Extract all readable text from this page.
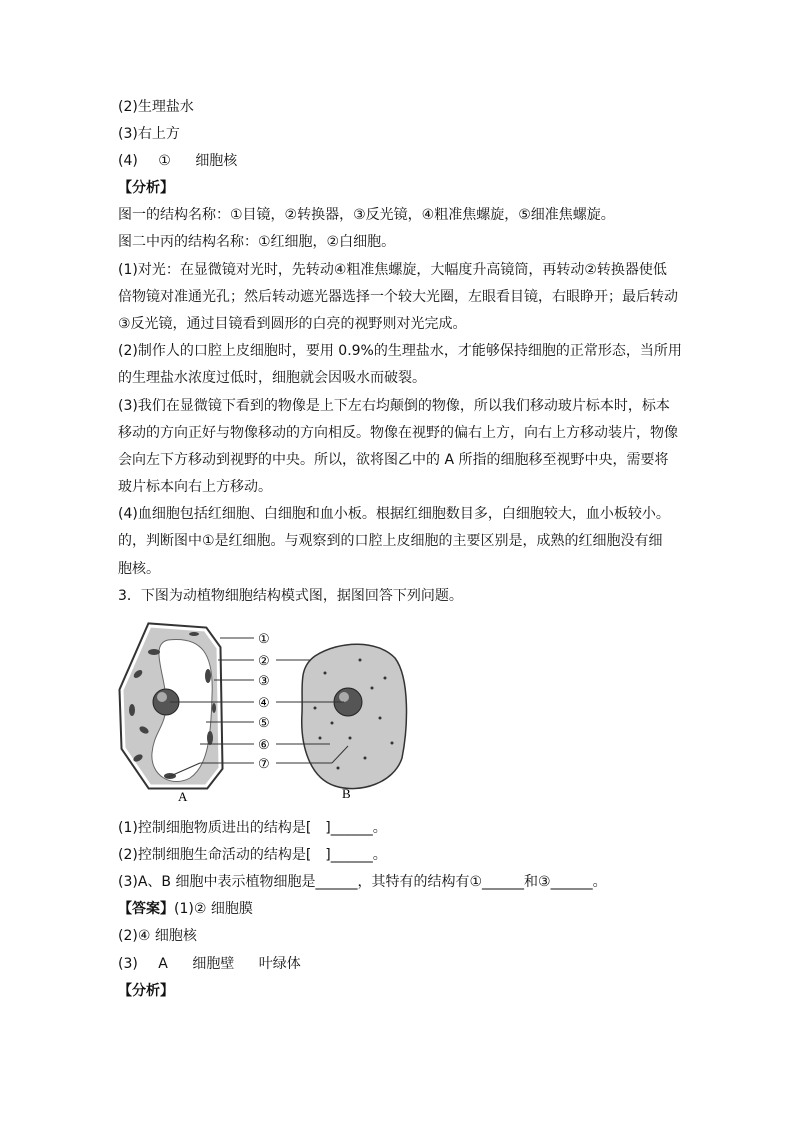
(2)生理盐水
(3)右上方
(4) ① 细胞核
【分析】
图一的结构名称：①目镜，②转换器，③反光镜，④粗准焦螺旋，⑤细准焦螺旋。
图二中丙的结构名称：①红细胞，②白细胞。
(1)对光：在显微镜对光时，先转动④粗准焦螺旋，大幅度升高镜筒，再转动②转换器使低
倍物镜对准通光孔；然后转动遮光器选择一个较大光圈，左眼看目镜，右眼睁开；最后转动
③反光镜，通过目镜看到圆形的白亮的视野则对光完成。
(2)制作人的口腔上皮细胞时，要用 0.9%的生理盐水，才能够保持细胞的正常形态，当所用
的生理盐水浓度过低时，细胞就会因吸水而破裂。
(3)我们在显微镜下看到的物像是上下左右均颠倒的物像，所以我们移动玻片标本时，标本
移动的方向正好与物像移动的方向相反。物像在视野的偏右上方，向右上方移动装片，物像
会向左下方移动到视野的中央。所以，欲将图乙中的 A 所指的细胞移至视野中央，需要将
玻片标本向右上方移动。
(4)血细胞包括红细胞、白细胞和血小板。根据红细胞数目多，白细胞较大，血小板较小。
的，判断图中①是红细胞。与观察到的口腔上皮细胞的主要区别是，成熟的红细胞没有细
胞核。
3．下图为动植物细胞结构模式图，据图回答下列问题。
①
②
③
④
⑤
⑥
⑦
A	B
(1)控制细胞物质进出的结构是[　]______。
(2)控制细胞生命活动的结构是[　]______。
(3)A、B 细胞中表示植物细胞是______，其特有的结构有①______和③______。
【答案】(1)② 细胞膜
(2)④ 细胞核
(3) A 细胞壁 叶绿体
【分析】
